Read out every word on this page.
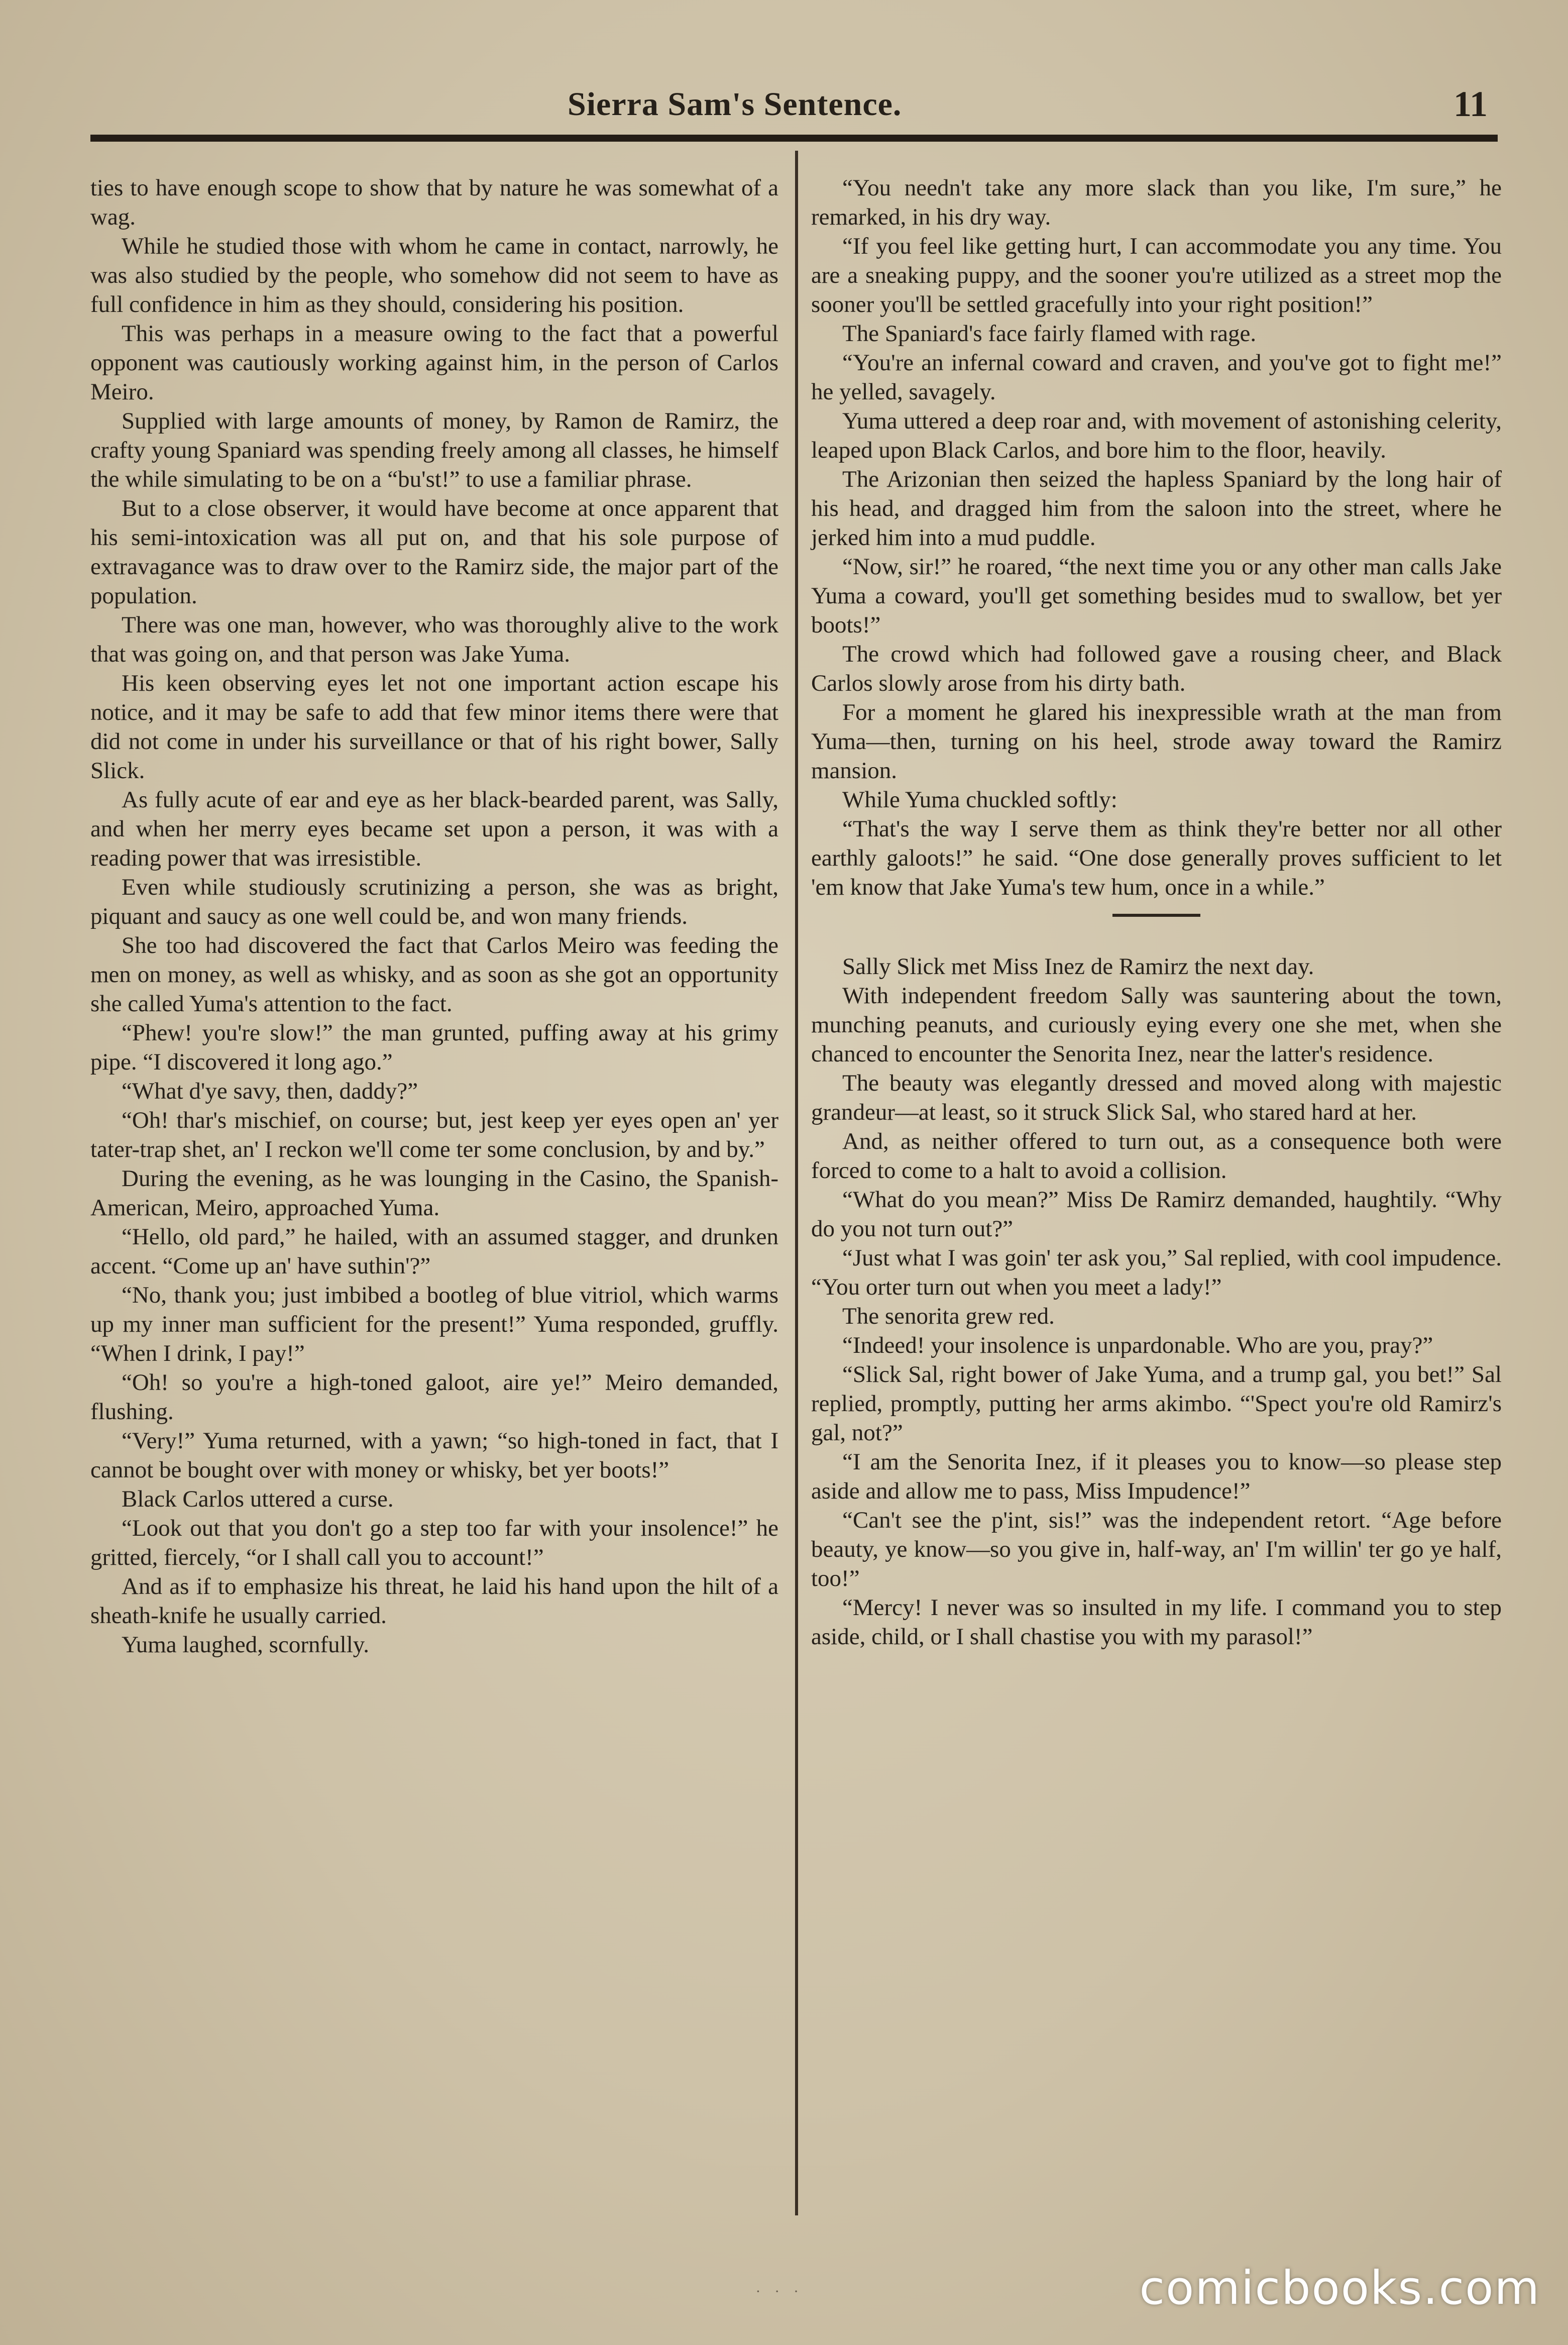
Sierra Sam's Sentence.	11

ties to have enough scope to show that by nature he was somewhat of a wag.

While he studied those with whom he came in contact, narrowly, he was also studied by the people, who somehow did not seem to have as full confidence in him as they should, considering his position.

This was perhaps in a measure owing to the fact that a powerful opponent was cautiously working against him, in the person of Carlos Meiro.

Supplied with large amounts of money, by Ramon de Ramirz, the crafty young Spaniard was spending freely among all classes, he himself the while simulating to be on a “bu'st!” to use a familiar phrase.

But to a close observer, it would have become at once apparent that his semi-intoxication was all put on, and that his sole purpose of extravagance was to draw over to the Ramirz side, the major part of the population.

There was one man, however, who was thoroughly alive to the work that was going on, and that person was Jake Yuma.

His keen observing eyes let not one important action escape his notice, and it may be safe to add that few minor items there were that did not come in under his surveillance or that of his right bower, Sally Slick.

As fully acute of ear and eye as her black-bearded parent, was Sally, and when her merry eyes became set upon a person, it was with a reading power that was irresistible.

Even while studiously scrutinizing a person, she was as bright, piquant and saucy as one well could be, and won many friends.

She too had discovered the fact that Carlos Meiro was feeding the men on money, as well as whisky, and as soon as she got an opportunity she called Yuma's attention to the fact.

“Phew! you're slow!” the man grunted, puffing away at his grimy pipe. “I discovered it long ago.”

“What d'ye savy, then, daddy?”

“Oh! thar's mischief, on course; but, jest keep yer eyes open an' yer tater-trap shet, an' I reckon we'll come ter some conclusion, by and by.”

During the evening, as he was lounging in the Casino, the Spanish-American, Meiro, approached Yuma.

“Hello, old pard,” he hailed, with an assumed stagger, and drunken accent. “Come up an' have suthin'?”

“No, thank you; just imbibed a bootleg of blue vitriol, which warms up my inner man sufficient for the present!” Yuma responded, gruffly. “When I drink, I pay!”

“Oh! so you're a high-toned galoot, aire ye!” Meiro demanded, flushing.

“Very!” Yuma returned, with a yawn; “so high-toned in fact, that I cannot be bought over with money or whisky, bet yer boots!”

Black Carlos uttered a curse.

“Look out that you don't go a step too far with your insolence!” he gritted, fiercely, “or I shall call you to account!”

And as if to emphasize his threat, he laid his hand upon the hilt of a sheath-knife he usually carried.

Yuma laughed, scornfully.

“You needn't take any more slack than you like, I'm sure,” he remarked, in his dry way.

“If you feel like getting hurt, I can accommodate you any time. You are a sneaking puppy, and the sooner you're utilized as a street mop the sooner you'll be settled gracefully into your right position!”

The Spaniard's face fairly flamed with rage.

“You're an infernal coward and craven, and you've got to fight me!” he yelled, savagely.

Yuma uttered a deep roar and, with movement of astonishing celerity, leaped upon Black Carlos, and bore him to the floor, heavily.

The Arizonian then seized the hapless Spaniard by the long hair of his head, and dragged him from the saloon into the street, where he jerked him into a mud puddle.

“Now, sir!” he roared, “the next time you or any other man calls Jake Yuma a coward, you'll get something besides mud to swallow, bet yer boots!”

The crowd which had followed gave a rousing cheer, and Black Carlos slowly arose from his dirty bath.

For a moment he glared his inexpressible wrath at the man from Yuma—then, turning on his heel, strode away toward the Ramirz mansion.

While Yuma chuckled softly:

“That's the way I serve them as think they're better nor all other earthly galoots!” he said. “One dose generally proves sufficient to let 'em know that Jake Yuma's tew hum, once in a while.”

Sally Slick met Miss Inez de Ramirz the next day.

With independent freedom Sally was sauntering about the town, munching peanuts, and curiously eying every one she met, when she chanced to encounter the Senorita Inez, near the latter's residence.

The beauty was elegantly dressed and moved along with majestic grandeur—at least, so it struck Slick Sal, who stared hard at her.

And, as neither offered to turn out, as a consequence both were forced to come to a halt to avoid a collision.

“What do you mean?” Miss De Ramirz demanded, haughtily. “Why do you not turn out?”

“Just what I was goin' ter ask you,” Sal replied, with cool impudence. “You orter turn out when you meet a lady!”

The senorita grew red.

“Indeed! your insolence is unpardonable. Who are you, pray?”

“Slick Sal, right bower of Jake Yuma, and a trump gal, you bet!” Sal replied, promptly, putting her arms akimbo. “'Spect you're old Ramirz's gal, not?”

“I am the Senorita Inez, if it pleases you to know—so please step aside and allow me to pass, Miss Impudence!”

“Can't see the p'int, sis!” was the independent retort. “Age before beauty, ye know—so you give in, half-way, an' I'm willin' ter go ye half, too!”

“Mercy! I never was so insulted in my life. I command you to step aside, child, or I shall chastise you with my parasol!”

· · ·	comicbooks.com
